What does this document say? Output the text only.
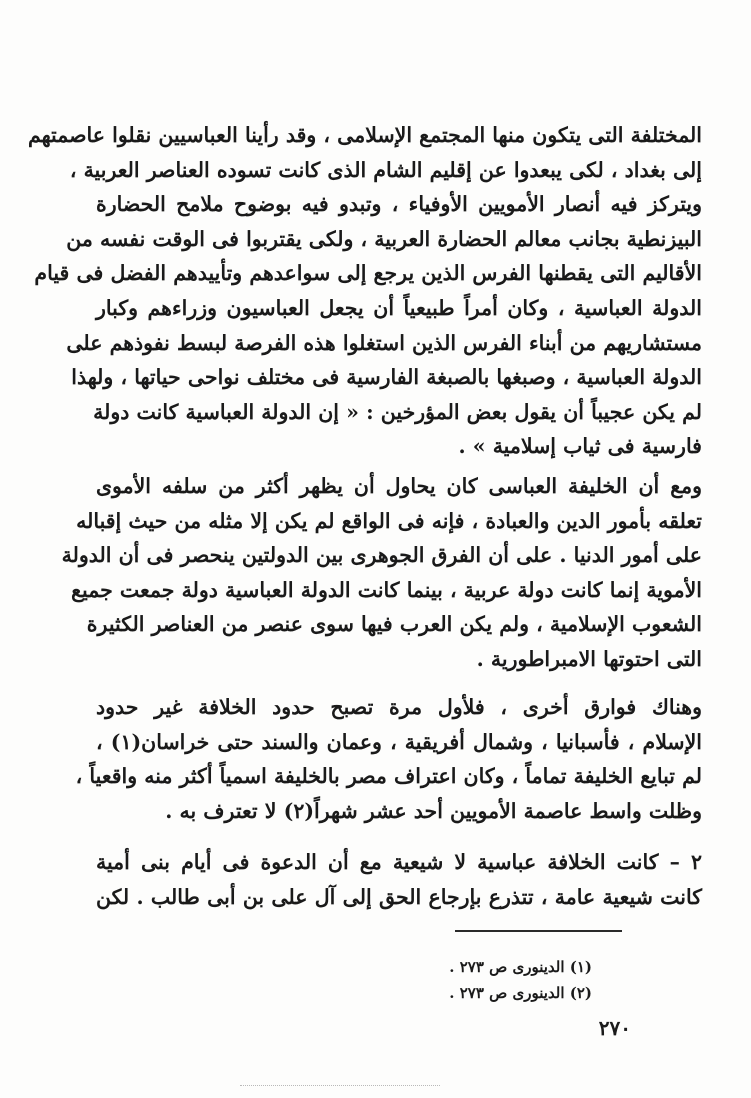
المختلفة التى يتكون منها المجتمع الإسلامى ، وقد رأينا العباسيين نقلوا عاصمتهم
إلى بغداد ، لكى يبعدوا عن إقليم الشام الذى كانت تسوده العناصر العربية ،
ويتركز فيه أنصار الأمويين الأوفياء ، وتبدو فيه بوضوح ملامح الحضارة
البيزنطية بجانب معالم الحضارة العربية ، ولكى يقتربوا فى الوقت نفسه من
الأقاليم التى يقطنها الفرس الذين يرجع إلى سواعدهم وتأييدهم الفضل فى قيام
الدولة العباسية ، وكان أمراً طبيعياً أن يجعل العباسيون وزراءهم وكبار
مستشاريهم من أبناء الفرس الذين استغلوا هذه الفرصة لبسط نفوذهم على
الدولة العباسية ، وصبغها بالصبغة الفارسية فى مختلف نواحى حياتها ، ولهذا
لم يكن عجيباً أن يقول بعض المؤرخين : « إن الدولة العباسية كانت دولة
فارسية فى ثياب إسلامية » .
ومع أن الخليفة العباسى كان يحاول أن يظهر أكثر من سلفه الأموى
تعلقه بأمور الدين والعبادة ، فإنه فى الواقع لم يكن إلا مثله من حيث إقباله
على أمور الدنيا . على أن الفرق الجوهرى بين الدولتين ينحصر فى أن الدولة
الأموية إنما كانت دولة عربية ، بينما كانت الدولة العباسية دولة جمعت جميع
الشعوب الإسلامية ، ولم يكن العرب فيها سوى عنصر من العناصر الكثيرة
التى احتوتها الامبراطورية .
وهناك فوارق أخرى ، فلأول مرة تصبح حدود الخلافة غير حدود
الإسلام ، فأسبانيا ، وشمال أفريقية ، وعمان والسند حتى خراسان(١) ،
لم تبايع الخليفة تماماً ، وكان اعتراف مصر بالخليفة اسمياً أكثر منه واقعياً ،
وظلت واسط عاصمة الأمويين أحد عشر شهراً(٢) لا تعترف به .
٢ – كانت الخلافة عباسية لا شيعية مع أن الدعوة فى أيام بنى أمية
كانت شيعية عامة ، تتذرع بإرجاع الحق إلى آل على بن أبى طالب . لكن
(١) الدينورى ص ٢٧٣ .
(٢) الدينورى ص ٢٧٣ .
٢٧٠
